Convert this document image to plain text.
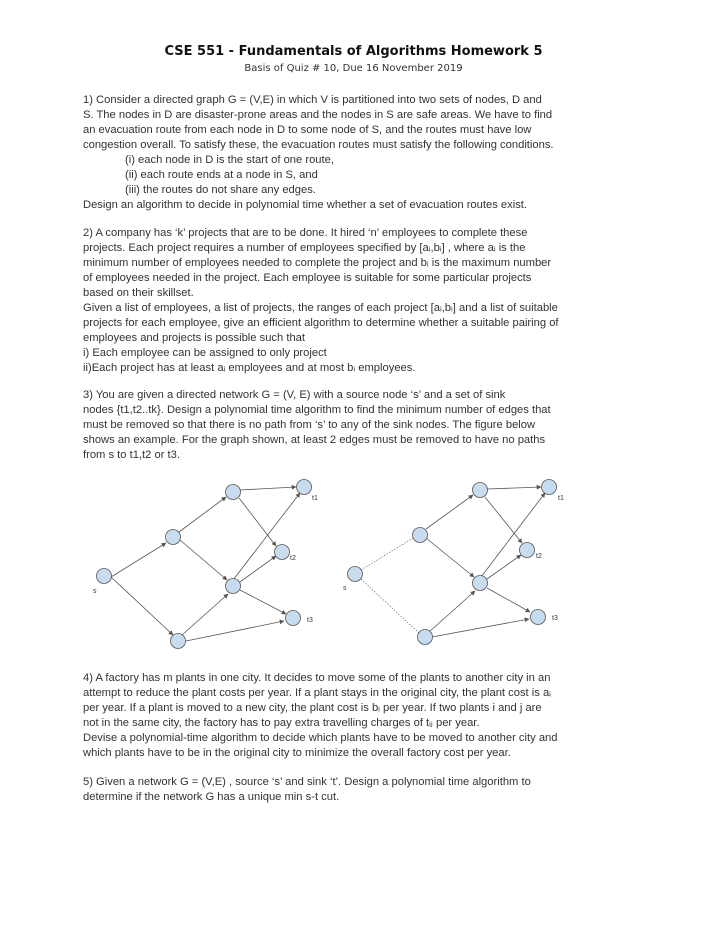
CSE 551 - Fundamentals of Algorithms Homework 5
Basis of Quiz # 10, Due 16 November 2019
1) Consider a directed graph G = (V,E) in which V is partitioned into two sets of nodes, D and
S. The nodes in D are disaster-prone areas and the nodes in S are safe areas. We have to find
an evacuation route from each node in D to some node of S, and the routes must have low
congestion overall. To satisfy these, the evacuation routes must satisfy the following conditions.
(i) each node in D is the start of one route,
(ii) each route ends at a node in S, and
(iii) the routes do not share any edges.
Design an algorithm to decide in polynomial time whether a set of evacuation routes exist.
2) A company has ‘k’ projects that are to be done. It hired ‘n’ employees to complete these
projects. Each project requires a number of employees specified by [aᵢ,bᵢ] , where aᵢ is the
minimum number of employees needed to complete the project and bᵢ is the maximum number
of employees needed in the project. Each employee is suitable for some particular projects
based on their skillset.
Given a list of employees, a list of projects, the ranges of each project [aᵢ,bᵢ] and a list of suitable
projects for each employee, give an efficient algorithm to determine whether a suitable pairing of
employees and projects is possible such that
i) Each employee can be assigned to only project
ii)Each project has at least aᵢ employees and at most bᵢ employees.
3) You are given a directed network G = (V, E) with a source node ‘s’ and a set of sink
nodes {t1,t2..tk}. Design a polynomial time algorithm to find the minimum number of edges that
must be removed so that there is no path from ‘s’ to any of the sink nodes. The figure below
shows an example. For the graph shown, at least 2 edges must be removed to have no paths
from s to t1,t2 or t3.
s
t1
t2
t3
s
t1
t2
t3
4) A factory has m plants in one city. It decides to move some of the plants to another city in an
attempt to reduce the plant costs per year. If a plant stays in the original city, the plant cost is aᵢ
per year. If a plant is moved to a new city, the plant cost is bᵢ per year. If two plants i and j are
not in the same city, the factory has to pay extra travelling charges of tᵢⱼ per year.
Devise a polynomial-time algorithm to decide which plants have to be moved to another city and
which plants have to be in the original city to minimize the overall factory cost per year.
5) Given a network G = (V,E) , source ‘s’ and sink ‘t’. Design a polynomial time algorithm to
determine if the network G has a unique min s-t cut.
